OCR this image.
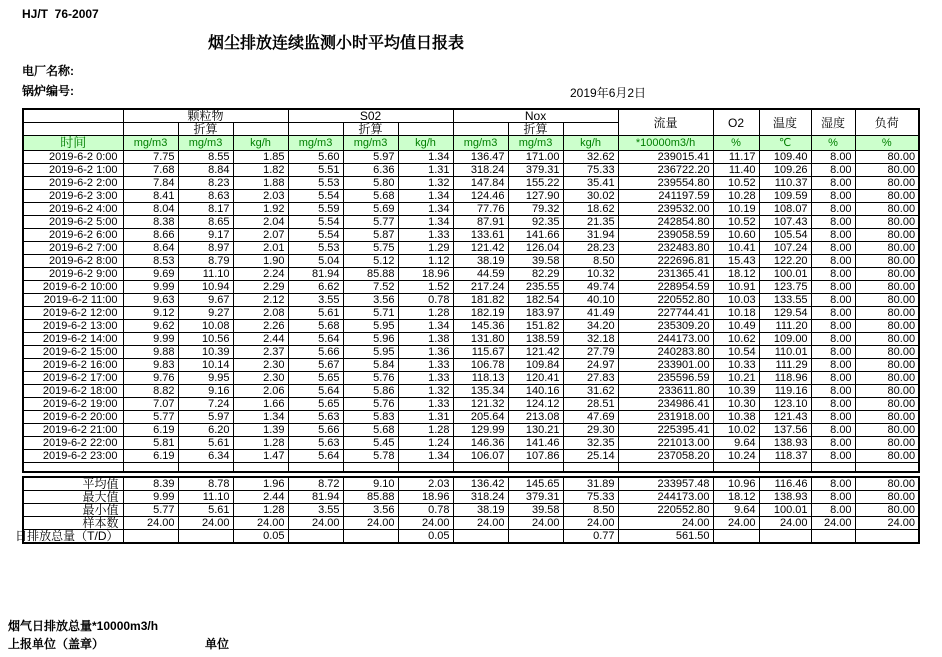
HJ/T  76-2007
烟尘排放连续监测小时平均值日报表
电厂名称:
锅炉编号:	2019年6月2日
	颗粒物			S02			Nox			流量	O2	温度	湿度	负荷
		折算			折算			折算						
时间	mg/m3	mg/m3	kg/h	mg/m3	mg/m3	kg/h	mg/m3	mg/m3	kg/h	*10000m3/h	%	℃	%	%
2019-6-2 0:00	7.75	8.55	1.85	5.60	5.97	1.34	136.47	171.00	32.62	239015.41	11.17	109.40	8.00	80.00
2019-6-2 1:00	7.68	8.84	1.82	5.51	6.36	1.31	318.24	379.31	75.33	236722.20	11.40	109.26	8.00	80.00
2019-6-2 2:00	7.84	8.23	1.88	5.53	5.80	1.32	147.84	155.22	35.41	239554.80	10.52	110.37	8.00	80.00
2019-6-2 3:00	8.41	8.63	2.03	5.54	5.68	1.34	124.46	127.90	30.02	241197.59	10.28	109.59	8.00	80.00
2019-6-2 4:00	8.04	8.17	1.92	5.59	5.69	1.34	77.76	79.32	18.62	239532.00	10.19	108.07	8.00	80.00
2019-6-2 5:00	8.38	8.65	2.04	5.54	5.77	1.34	87.91	92.35	21.35	242854.80	10.52	107.43	8.00	80.00
2019-6-2 6:00	8.66	9.17	2.07	5.54	5.87	1.33	133.61	141.66	31.94	239058.59	10.60	105.54	8.00	80.00
2019-6-2 7:00	8.64	8.97	2.01	5.53	5.75	1.29	121.42	126.04	28.23	232483.80	10.41	107.24	8.00	80.00
2019-6-2 8:00	8.53	8.79	1.90	5.04	5.12	1.12	38.19	39.58	8.50	222696.81	15.43	122.20	8.00	80.00
2019-6-2 9:00	9.69	11.10	2.24	81.94	85.88	18.96	44.59	82.29	10.32	231365.41	18.12	100.01	8.00	80.00
2019-6-2 10:00	9.99	10.94	2.29	6.62	7.52	1.52	217.24	235.55	49.74	228954.59	10.91	123.75	8.00	80.00
2019-6-2 11:00	9.63	9.67	2.12	3.55	3.56	0.78	181.82	182.54	40.10	220552.80	10.03	133.55	8.00	80.00
2019-6-2 12:00	9.12	9.27	2.08	5.61	5.71	1.28	182.19	183.97	41.49	227744.41	10.18	129.54	8.00	80.00
2019-6-2 13:00	9.62	10.08	2.26	5.68	5.95	1.34	145.36	151.82	34.20	235309.20	10.49	111.20	8.00	80.00
2019-6-2 14:00	9.99	10.56	2.44	5.64	5.96	1.38	131.80	138.59	32.18	244173.00	10.62	109.00	8.00	80.00
2019-6-2 15:00	9.88	10.39	2.37	5.66	5.95	1.36	115.67	121.42	27.79	240283.80	10.54	110.01	8.00	80.00
2019-6-2 16:00	9.83	10.14	2.30	5.67	5.84	1.33	106.78	109.84	24.97	233901.00	10.33	111.29	8.00	80.00
2019-6-2 17:00	9.76	9.95	2.30	5.65	5.76	1.33	118.13	120.41	27.83	235596.59	10.21	118.96	8.00	80.00
2019-6-2 18:00	8.82	9.16	2.06	5.64	5.86	1.32	135.34	140.16	31.62	233611.80	10.39	119.16	8.00	80.00
2019-6-2 19:00	7.07	7.24	1.66	5.65	5.76	1.33	121.32	124.12	28.51	234986.41	10.30	123.10	8.00	80.00
2019-6-2 20:00	5.77	5.97	1.34	5.63	5.83	1.31	205.64	213.08	47.69	231918.00	10.38	121.43	8.00	80.00
2019-6-2 21:00	6.19	6.20	1.39	5.66	5.68	1.28	129.99	130.21	29.30	225395.41	10.02	137.56	8.00	80.00
2019-6-2 22:00	5.81	5.61	1.28	5.63	5.45	1.24	146.36	141.46	32.35	221013.00	9.64	138.93	8.00	80.00
2019-6-2 23:00	6.19	6.34	1.47	5.64	5.78	1.34	106.07	107.86	25.14	237058.20	10.24	118.37	8.00	80.00

平均值	8.39	8.78	1.96	8.72	9.10	2.03	136.42	145.65	31.89	233957.48	10.96	116.46	8.00	80.00

最大值	9.99	11.10	2.44	81.94	85.88	18.96	318.24	379.31	75.33	244173.00	18.12	138.93	8.00	80.00

最小值	5.77	5.61	1.28	3.55	3.56	0.78	38.19	39.58	8.50	220552.80	9.64	100.01	8.00	80.00

样本数	24.00	24.00	24.00	24.00	24.00	24.00	24.00	24.00	24.00	24.00	24.00	24.00	24.00	24.00

日排放总量（T/D）			0.05			0.05			0.77	561.50				
烟气日排放总量*10000m3/h
上报单位（盖章）	单位
